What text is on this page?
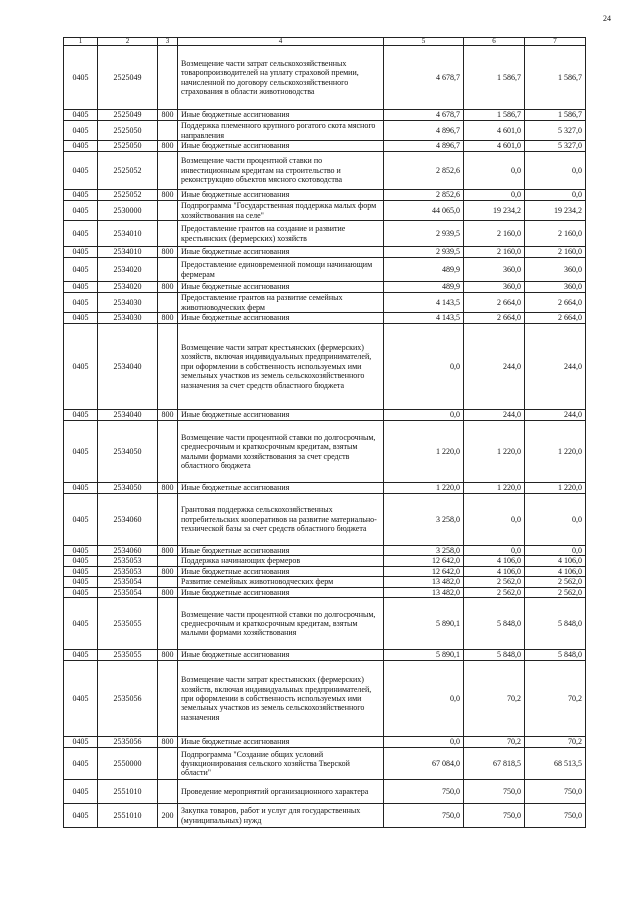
24
1	2	3	4	5	6	7
0405	2525049		Возмещение части затрат сельскохозяйственных товаропроизводителей на уплату страховой премии, начисленной по договору сельскохозяйственного страхования в области животноводства	4 678,7	1 586,7	1 586,7
0405	2525049	800	Иные бюджетные ассигнования	4 678,7	1 586,7	1 586,7
0405	2525050		Поддержка племенного крупного рогатого скота мясного направления	4 896,7	4 601,0	5 327,0
0405	2525050	800	Иные бюджетные ассигнования	4 896,7	4 601,0	5 327,0
0405	2525052		Возмещение части процентной ставки по инвестиционным кредитам на строительство и реконструкцию объектов мясного скотоводства	2 852,6	0,0	0,0
0405	2525052	800	Иные бюджетные ассигнования	2 852,6	0,0	0,0
0405	2530000		Подпрограмма "Государственная поддержка малых форм хозяйствования на селе"	44 065,0	19 234,2	19 234,2
0405	2534010		Предоставление грантов на создание и развитие крестьянских (фермерских) хозяйств	2 939,5	2 160,0	2 160,0
0405	2534010	800	Иные бюджетные ассигнования	2 939,5	2 160,0	2 160,0
0405	2534020		Предоставление единовременной помощи начинающим фермерам	489,9	360,0	360,0
0405	2534020	800	Иные бюджетные ассигнования	489,9	360,0	360,0
0405	2534030		Предоставление грантов на развитие семейных животноводческих ферм	4 143,5	2 664,0	2 664,0
0405	2534030	800	Иные бюджетные ассигнования	4 143,5	2 664,0	2 664,0
0405	2534040		Возмещение части затрат крестьянских (фермерских) хозяйств, включая индивидуальных предпринимателей, при оформлении в собственность используемых ими земельных участков из земель сельскохозяйственного назначения за счет средств областного бюджета	0,0	244,0	244,0
0405	2534040	800	Иные бюджетные ассигнования	0,0	244,0	244,0
0405	2534050		Возмещение части процентной ставки по долгосрочным, среднесрочным и краткосрочным кредитам, взятым малыми формами хозяйствования за счет средств областного бюджета	1 220,0	1 220,0	1 220,0
0405	2534050	800	Иные бюджетные ассигнования	1 220,0	1 220,0	1 220,0
0405	2534060		Грантовая поддержка сельскохозяйственных потребительских кооперативов на развитие материально-технической базы за счет средств областного бюджета	3 258,0	0,0	0,0
0405	2534060	800	Иные бюджетные ассигнования	3 258,0	0,0	0,0
0405	2535053		Поддержка начинающих фермеров	12 642,0	4 106,0	4 106,0
0405	2535053	800	Иные бюджетные ассигнования	12 642,0	4 106,0	4 106,0
0405	2535054		Развитие семейных животноводческих ферм	13 482,0	2 562,0	2 562,0
0405	2535054	800	Иные бюджетные ассигнования	13 482,0	2 562,0	2 562,0
0405	2535055		Возмещение части процентной ставки по долгосрочным, среднесрочным и краткосрочным кредитам, взятым малыми формами хозяйствования	5 890,1	5 848,0	5 848,0
0405	2535055	800	Иные бюджетные ассигнования	5 890,1	5 848,0	5 848,0
0405	2535056		Возмещение части затрат крестьянских (фермерских) хозяйств, включая индивидуальных предпринимателей, при оформлении в собственность используемых ими земельных участков из земель сельскохозяйственного назначения	0,0	70,2	70,2
0405	2535056	800	Иные бюджетные ассигнования	0,0	70,2	70,2
0405	2550000		Подпрограмма "Создание общих условий функционирования сельского хозяйства Тверской области"	67 084,0	67 818,5	68 513,5
0405	2551010		Проведение мероприятий организационного характера	750,0	750,0	750,0
0405	2551010	200	Закупка товаров, работ и услуг для государственных (муниципальных) нужд	750,0	750,0	750,0
